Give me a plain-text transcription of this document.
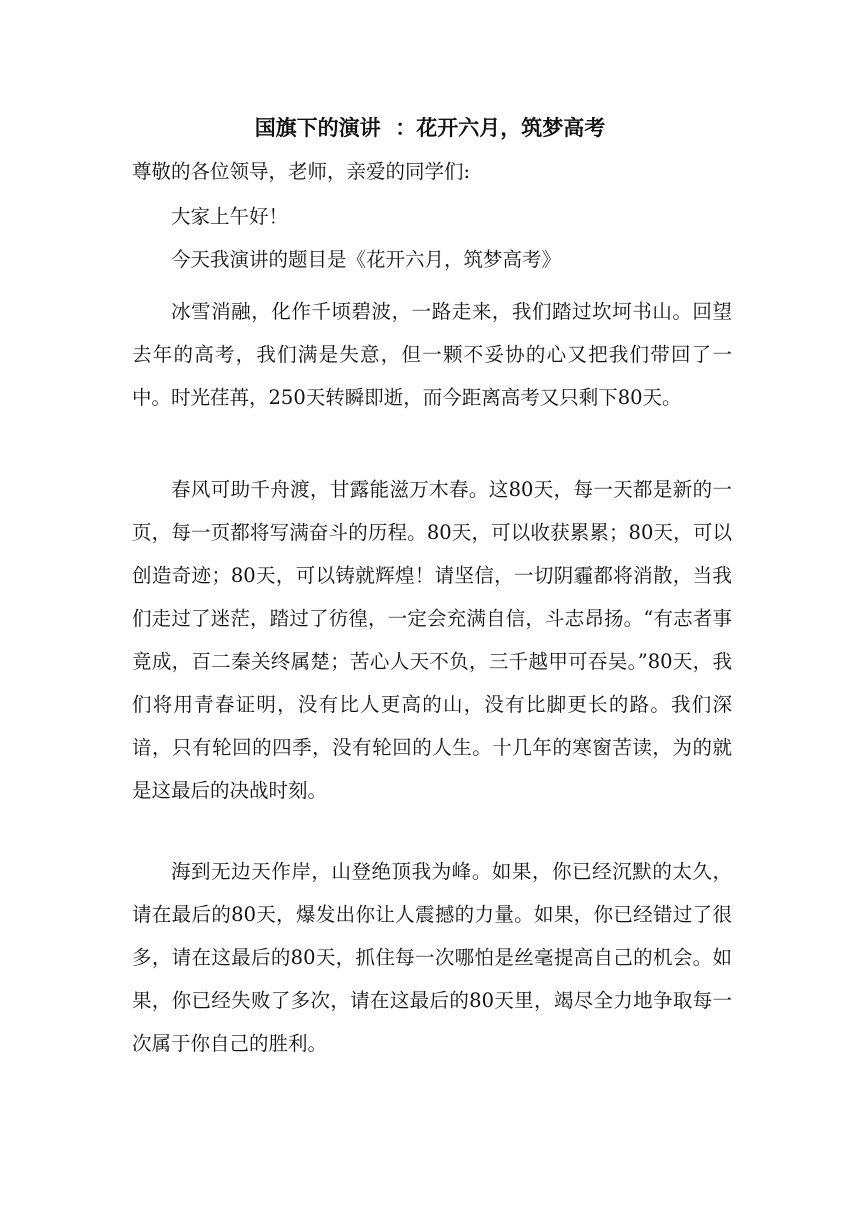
国旗下的演讲  ：花开六月，筑梦高考
尊敬的各位领导，老师，亲爱的同学们:
大家上午好！
今天我演讲的题目是《花开六月，筑梦高考》

冰雪消融，化作千顷碧波，一路走来，我们踏过坎坷书山。回望去年的高考，我们满是失意，但一颗不妥协的心又把我们带回了一中。时光荏苒，250天转瞬即逝，而今距离高考又只剩下80天。

春风可助千舟渡，甘露能滋万木春。这80天，每一天都是新的一页，每一页都将写满奋斗的历程。80天，可以收获累累；80天，可以创造奇迹；80天，可以铸就辉煌！请坚信，一切阴霾都将消散，当我们走过了迷茫，踏过了彷徨，一定会充满自信，斗志昂扬。“有志者事竟成，百二秦关终属楚；苦心人天不负，三千越甲可吞吴。”80天，我们将用青春证明，没有比人更高的山，没有比脚更长的路。我们深谙，只有轮回的四季，没有轮回的人生。十几年的寒窗苦读，为的就是这最后的决战时刻。

海到无边天作岸，山登绝顶我为峰。如果，你已经沉默的太久，请在最后的80天，爆发出你让人震撼的力量。如果，你已经错过了很多，请在这最后的80天，抓住每一次哪怕是丝毫提高自己的机会。如果，你已经失败了多次，请在这最后的80天里，竭尽全力地争取每一次属于你自己的胜利。
